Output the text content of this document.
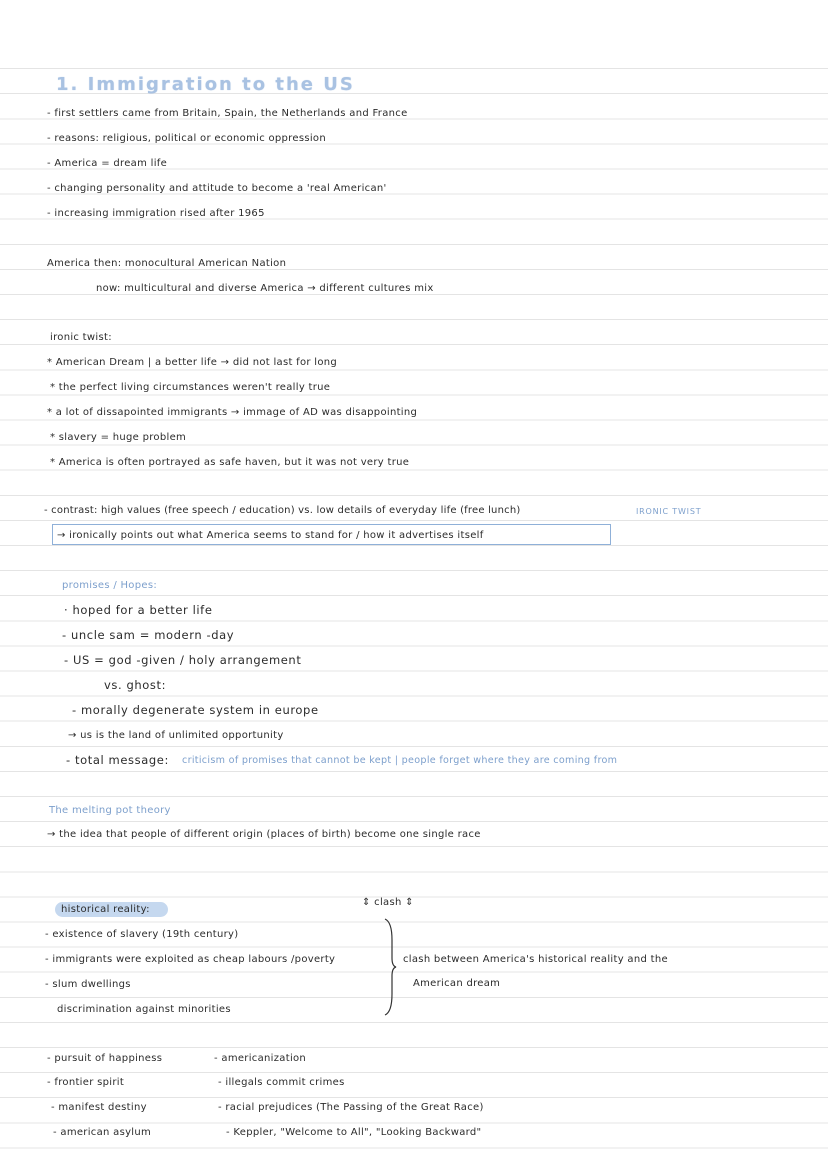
1. Immigration to the US
- first settlers came from Britain, Spain, the Netherlands and France
- reasons: religious, political or economic oppression
- America = dream life
- changing personality and attitude to become a 'real American'
- increasing immigration rised after 1965
America then: monocultural American Nation
now: multicultural and diverse America → different cultures mix
ironic twist:
* American Dream | a better life → did not last for long
* the perfect living circumstances weren't really true
* a lot of dissapointed immigrants → immage of AD was disappointing
* slavery = huge problem
* America is often portrayed as safe haven, but it was not very true
- contrast: high values (free speech / education) vs. low details of everyday life (free lunch)	IRONIC TWIST
→ ironically points out what America seems to stand for / how it advertises itself
promises / Hopes:
· hoped for a better life
- uncle sam = modern -day
- US = god -given / holy arrangement
vs. ghost:
- morally degenerate system in europe
→ us is the land of unlimited opportunity
- total message: criticism of promises that cannot be kept | people forget where they are coming from
The melting pot theory
→ the idea that people of different origin (places of birth) become one single race
historical reality:
⇕ clash ⇕
- existence of slavery (19th century)
- immigrants were exploited as cheap labours /poverty
- slum dwellings
discrimination against minorities
clash between America's historical reality and the
American dream
- pursuit of happiness
- frontier spirit
- manifest destiny
- american asylum
- americanization
- illegals commit crimes
- racial prejudices (The Passing of the Great Race)
- Keppler, "Welcome to All", "Looking Backward"
